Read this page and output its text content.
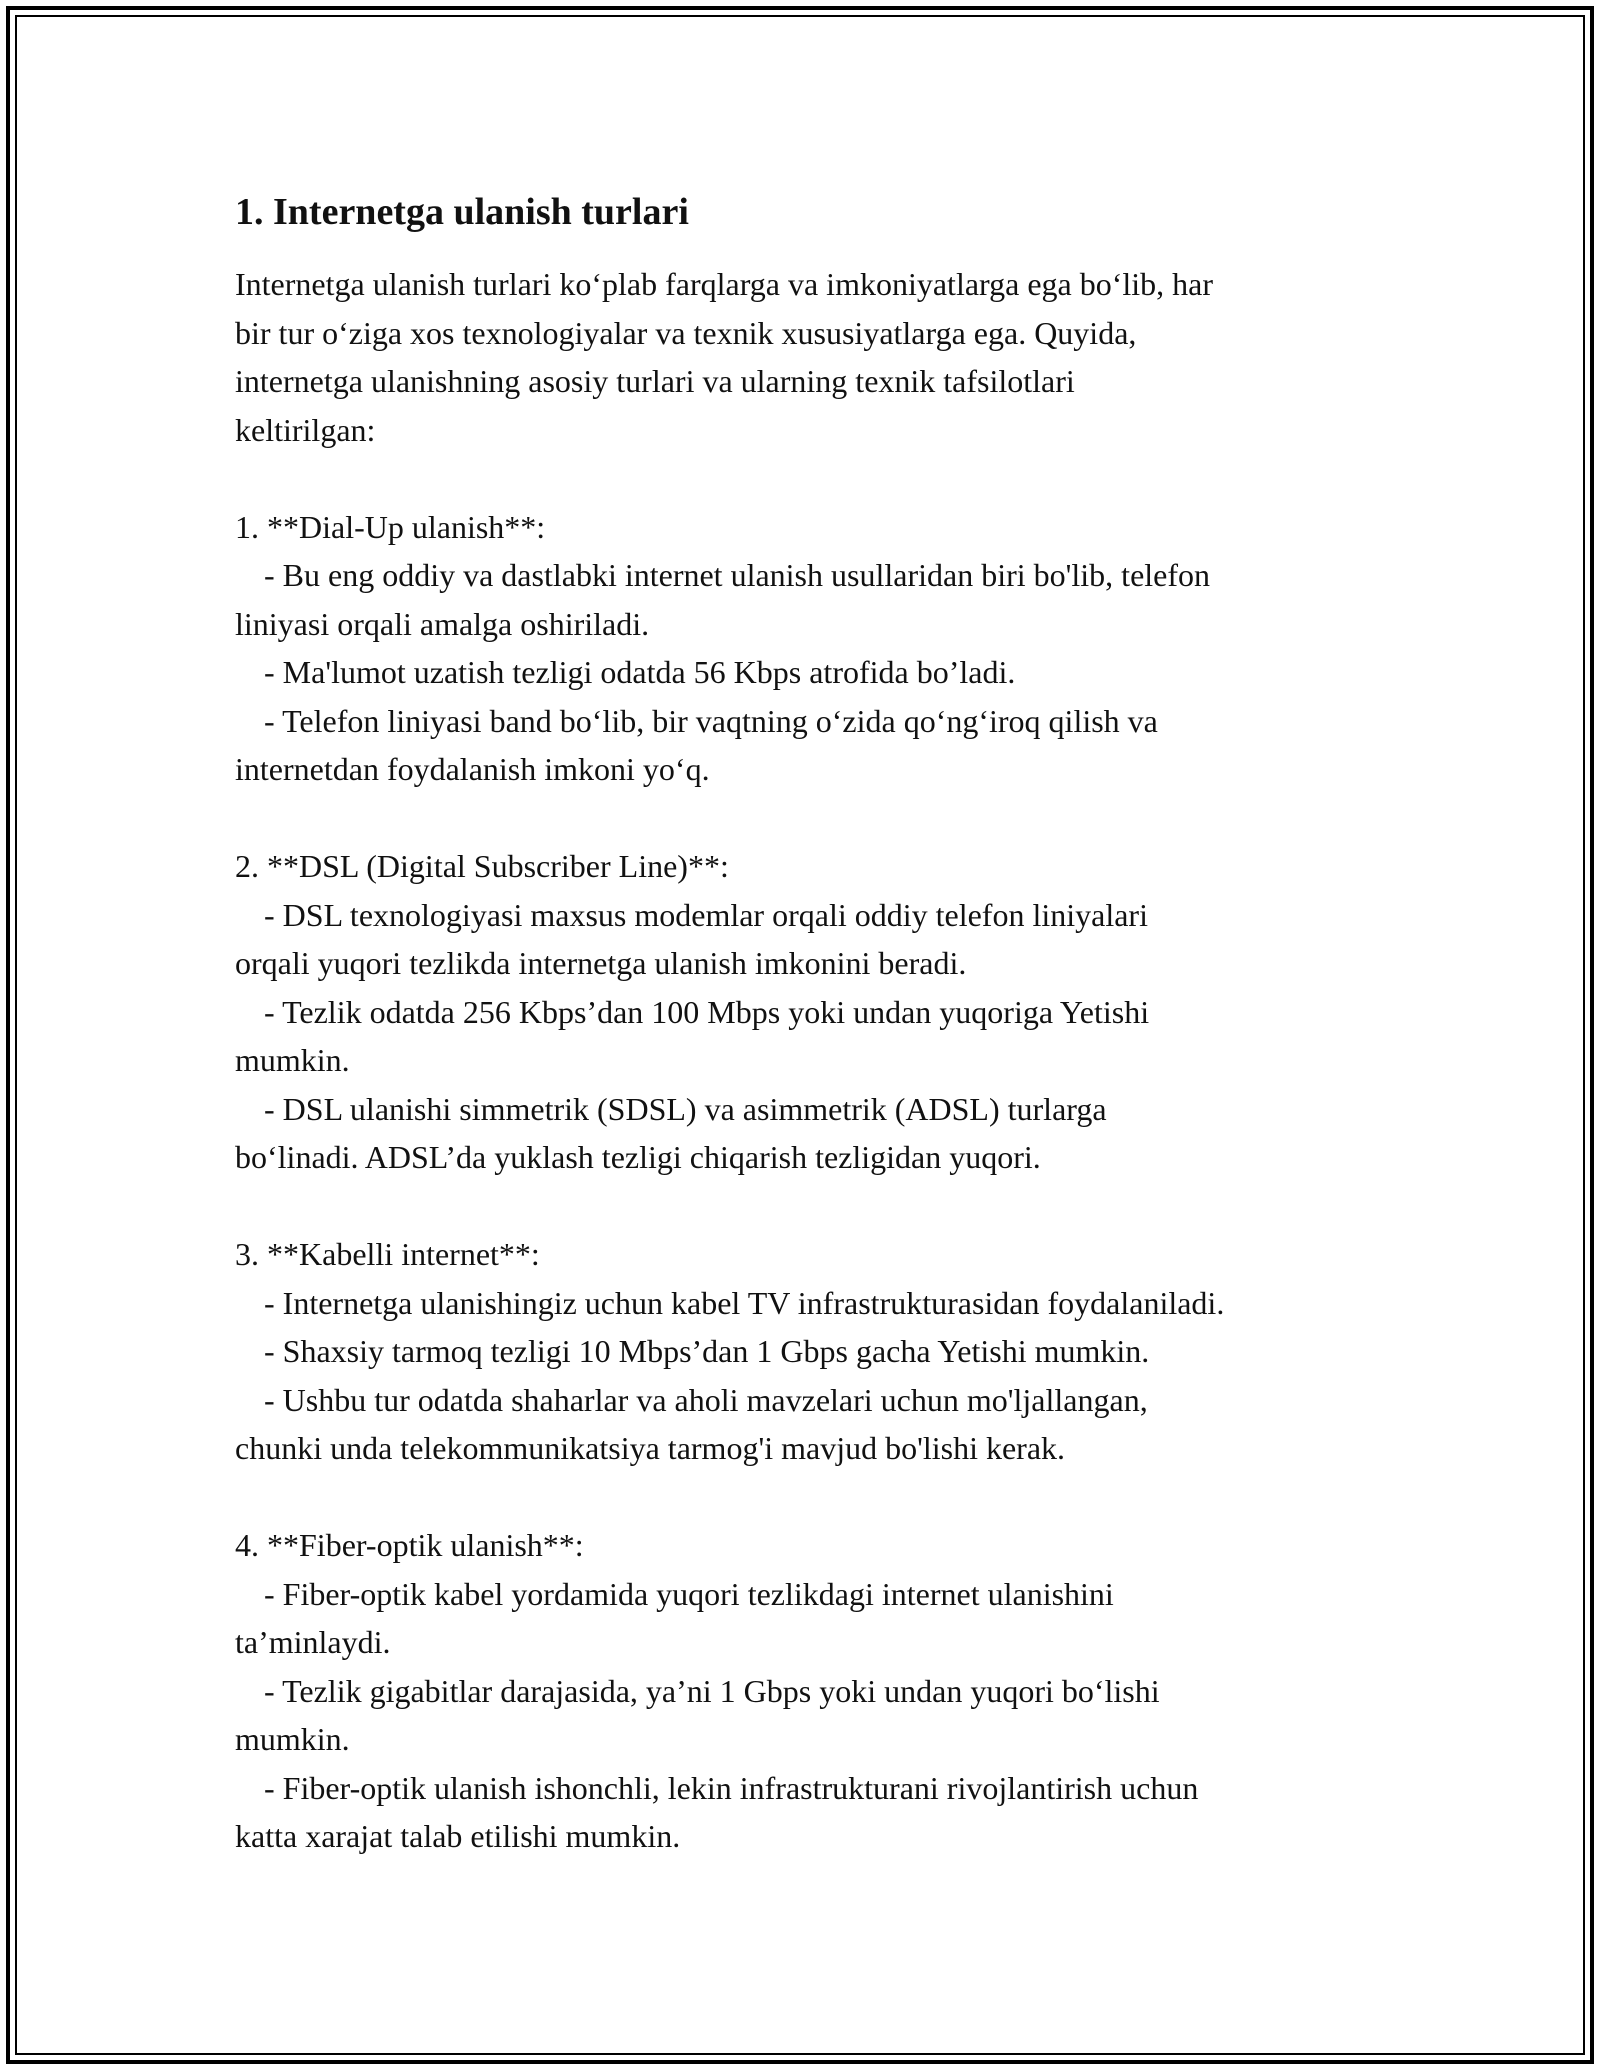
1. Internetga ulanish turlari
Internetga ulanish turlari ko‘plab farqlarga va imkoniyatlarga ega bo‘lib, har
bir tur o‘ziga xos texnologiyalar va texnik xususiyatlarga ega. Quyida,
internetga ulanishning asosiy turlari va ularning texnik tafsilotlari
keltirilgan:
1. **Dial-Up ulanish**:
- Bu eng oddiy va dastlabki internet ulanish usullaridan biri bo'lib, telefon
liniyasi orqali amalga oshiriladi.
- Ma'lumot uzatish tezligi odatda 56 Kbps atrofida bo’ladi.
- Telefon liniyasi band bo‘lib, bir vaqtning o‘zida qo‘ng‘iroq qilish va
internetdan foydalanish imkoni yo‘q.
2. **DSL (Digital Subscriber Line)**:
- DSL texnologiyasi maxsus modemlar orqali oddiy telefon liniyalari
orqali yuqori tezlikda internetga ulanish imkonini beradi.
- Tezlik odatda 256 Kbps’dan 100 Mbps yoki undan yuqoriga Yetishi
mumkin.
- DSL ulanishi simmetrik (SDSL) va asimmetrik (ADSL) turlarga
bo‘linadi. ADSL’da yuklash tezligi chiqarish tezligidan yuqori.
3. **Kabelli internet**:
- Internetga ulanishingiz uchun kabel TV infrastrukturasidan foydalaniladi.
- Shaxsiy tarmoq tezligi 10 Mbps’dan 1 Gbps gacha Yetishi mumkin.
- Ushbu tur odatda shaharlar va aholi mavzelari uchun mo'ljallangan,
chunki unda telekommunikatsiya tarmog'i mavjud bo'lishi kerak.
4. **Fiber-optik ulanish**:
- Fiber-optik kabel yordamida yuqori tezlikdagi internet ulanishini
ta’minlaydi.
- Tezlik gigabitlar darajasida, ya’ni 1 Gbps yoki undan yuqori bo‘lishi
mumkin.
- Fiber-optik ulanish ishonchli, lekin infrastrukturani rivojlantirish uchun
katta xarajat talab etilishi mumkin.
